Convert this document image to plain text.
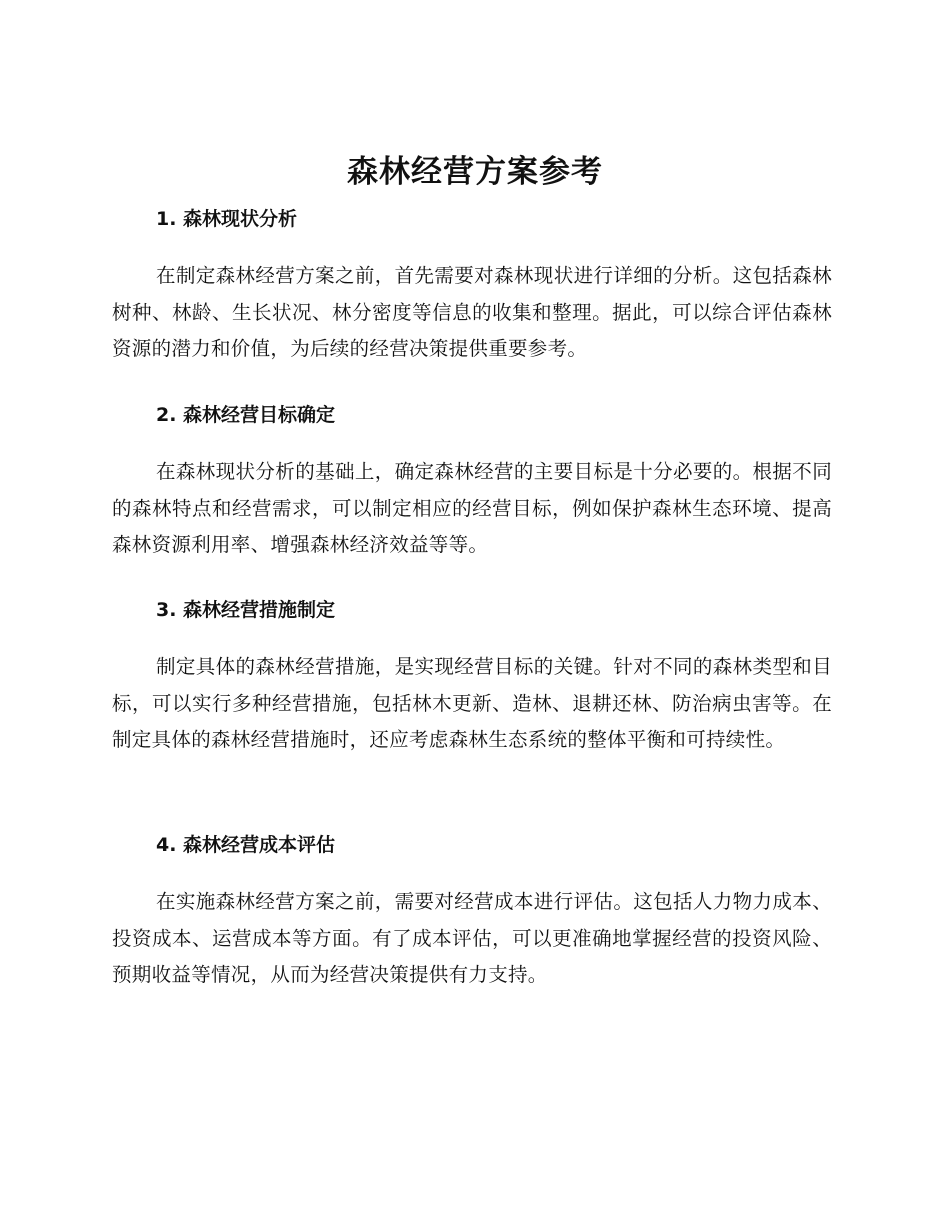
森林经营方案参考
1. 森林现状分析

在制定森林经营方案之前，首先需要对森林现状进行详细的分析。这包括森林树种、林龄、生长状况、林分密度等信息的收集和整理。据此，可以综合评估森林资源的潜力和价值，为后续的经营决策提供重要参考。

2. 森林经营目标确定

在森林现状分析的基础上，确定森林经营的主要目标是十分必要的。根据不同的森林特点和经营需求，可以制定相应的经营目标，例如保护森林生态环境、提高森林资源利用率、增强森林经济效益等等。

3. 森林经营措施制定

制定具体的森林经营措施，是实现经营目标的关键。针对不同的森林类型和目标，可以实行多种经营措施，包括林木更新、造林、退耕还林、防治病虫害等。在制定具体的森林经营措施时，还应考虑森林生态系统的整体平衡和可持续性。

4. 森林经营成本评估

在实施森林经营方案之前，需要对经营成本进行评估。这包括人力物力成本、投资成本、运营成本等方面。有了成本评估，可以更准确地掌握经营的投资风险、预期收益等情况，从而为经营决策提供有力支持。
